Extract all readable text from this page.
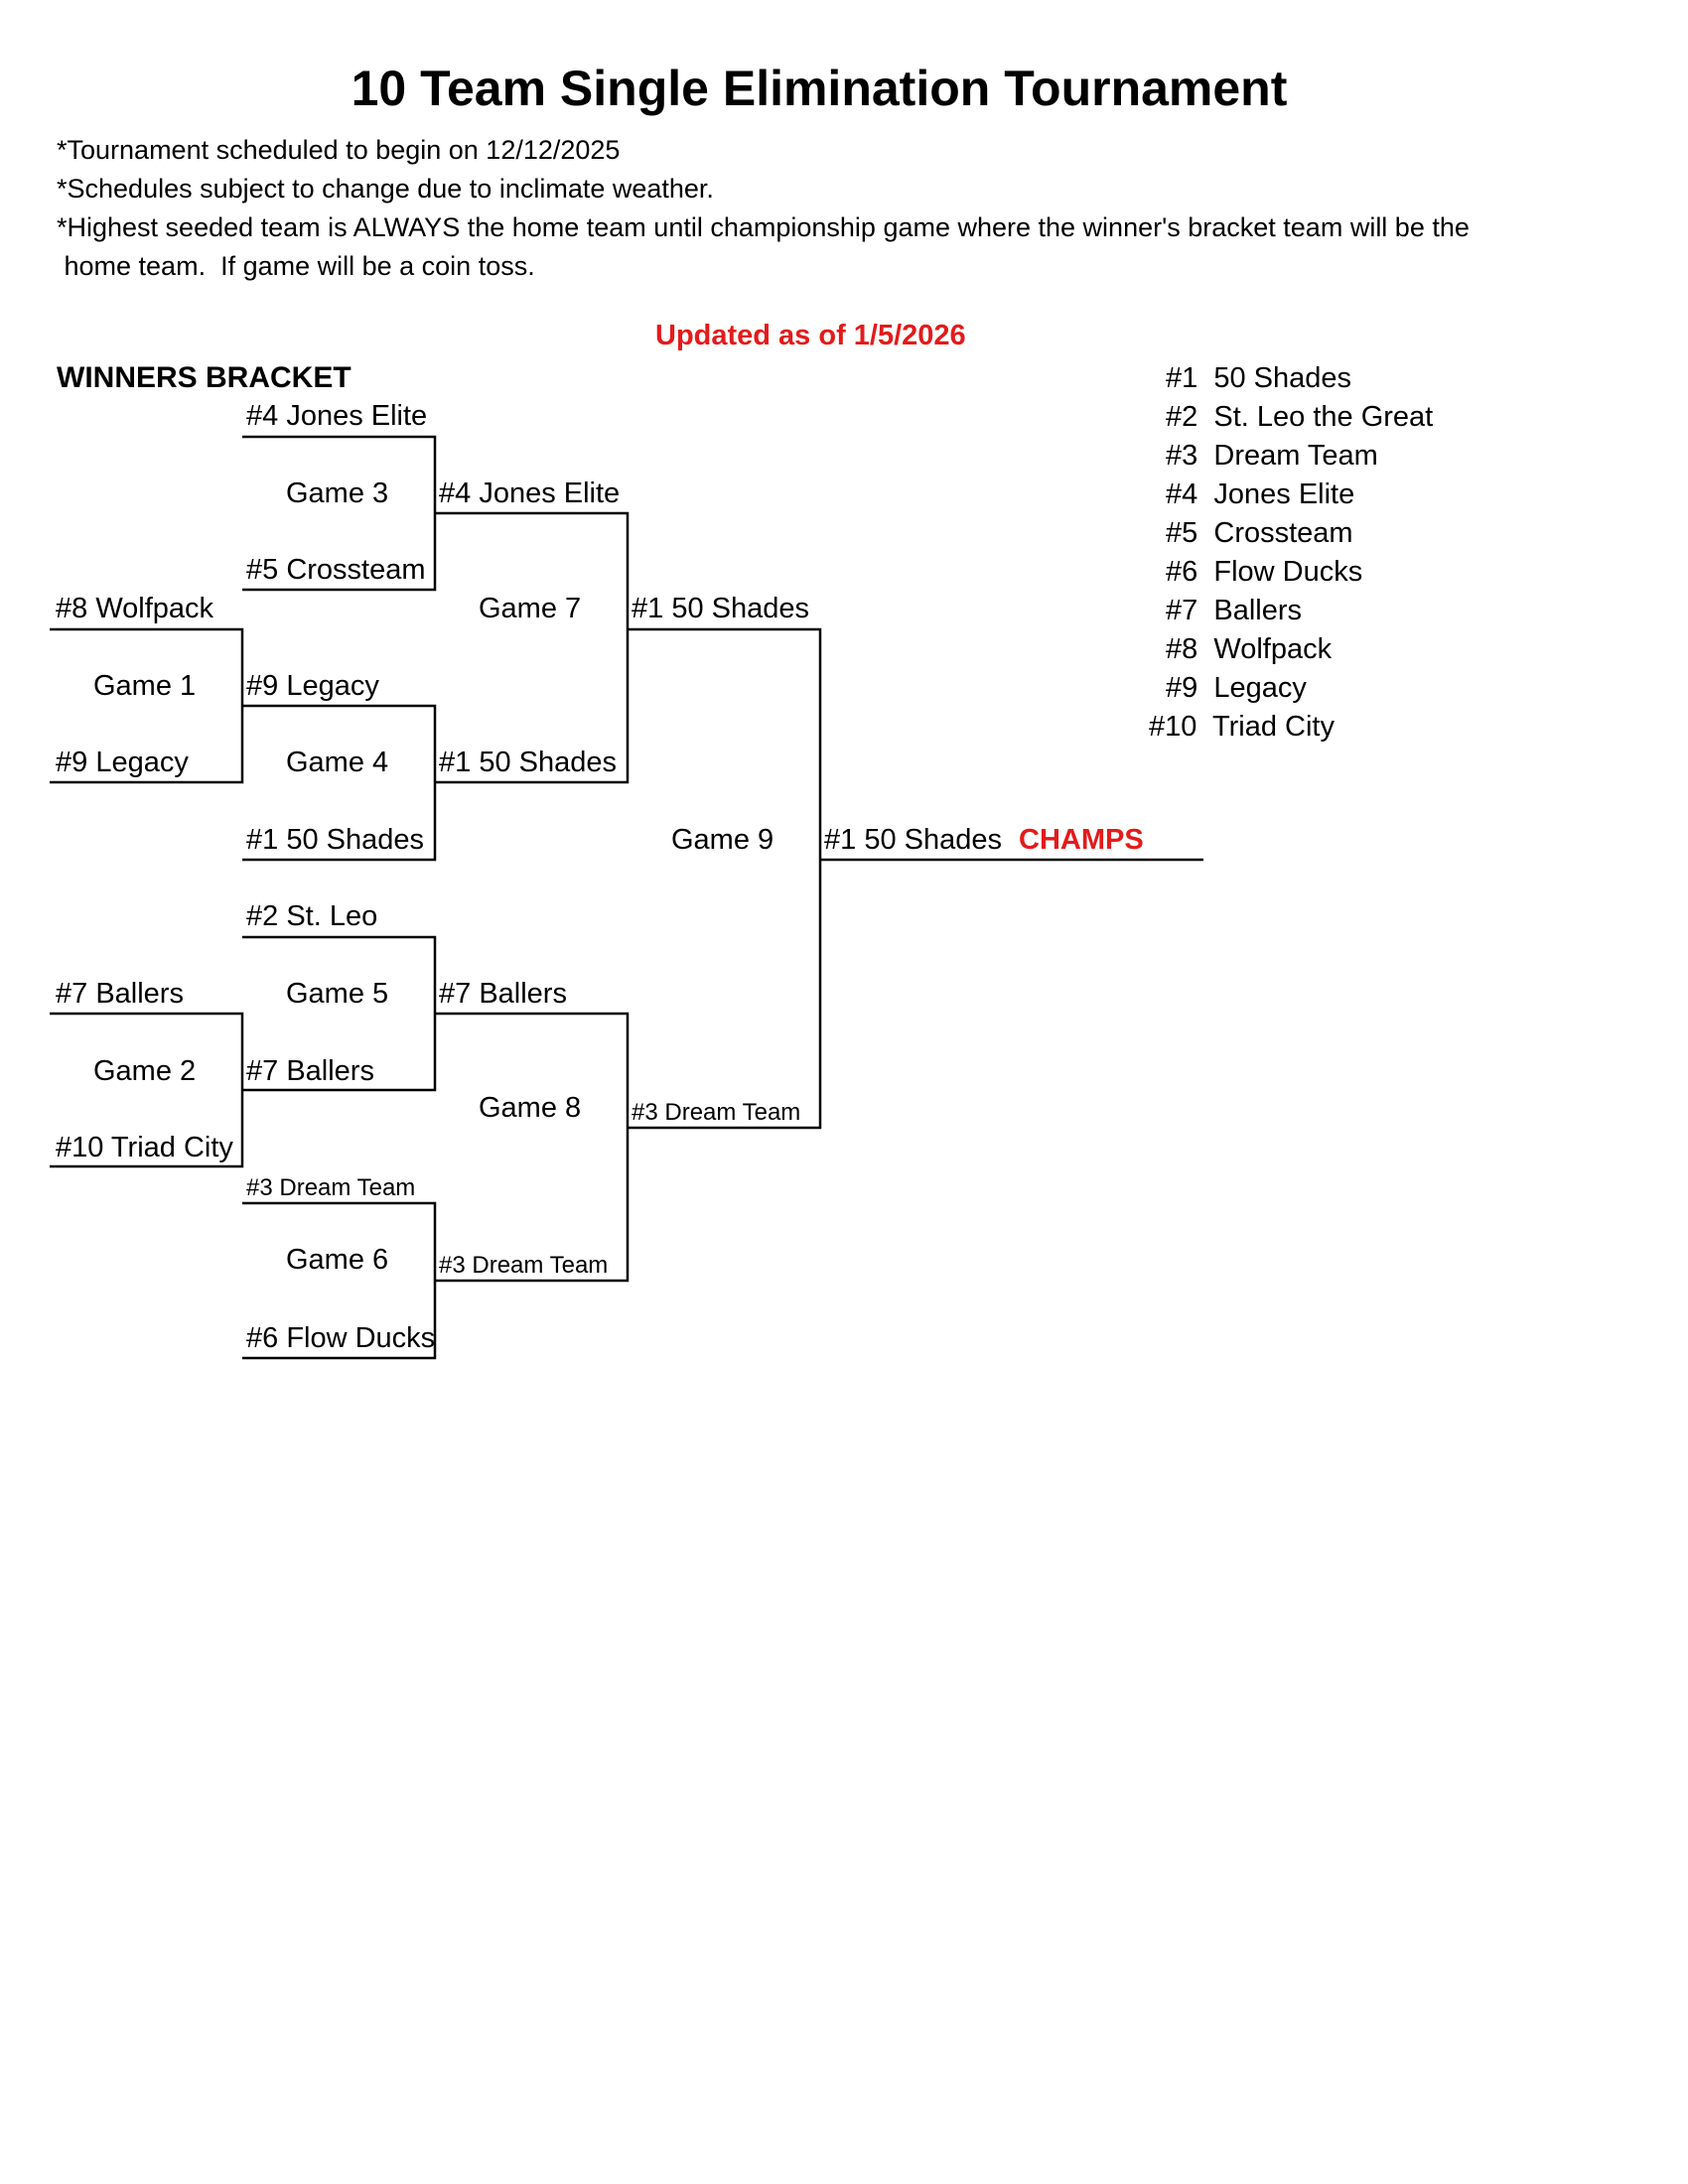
10 Team Single Elimination Tournament
*Tournament scheduled to begin on 12/12/2025
*Schedules subject to change due to inclimate weather.
*Highest seeded team is ALWAYS the home team until championship game where the winner's bracket team will be the
home team.  If game will be a coin toss.
Updated as of 1/5/2026
WINNERS BRACKET
#8 Wolfpack
Game 1
#9 Legacy
#7 Ballers
Game 2
#10 Triad City
#4 Jones Elite
Game 3
#5 Crossteam
#9 Legacy
Game 4
#1 50 Shades
#2 St. Leo
Game 5
#7 Ballers
#3 Dream Team
Game 6
#6 Flow Ducks
#4 Jones Elite
Game 7
#1 50 Shades
#7 Ballers
Game 8
#3 Dream Team
#1 50 Shades
Game 9
#3 Dream Team
#1 50 Shades CHAMPS
#1  50 Shades
#2  St. Leo the Great
#3  Dream Team
#4  Jones Elite
#5  Crossteam
#6  Flow Ducks
#7  Ballers
#8  Wolfpack
#9  Legacy
#10  Triad City
